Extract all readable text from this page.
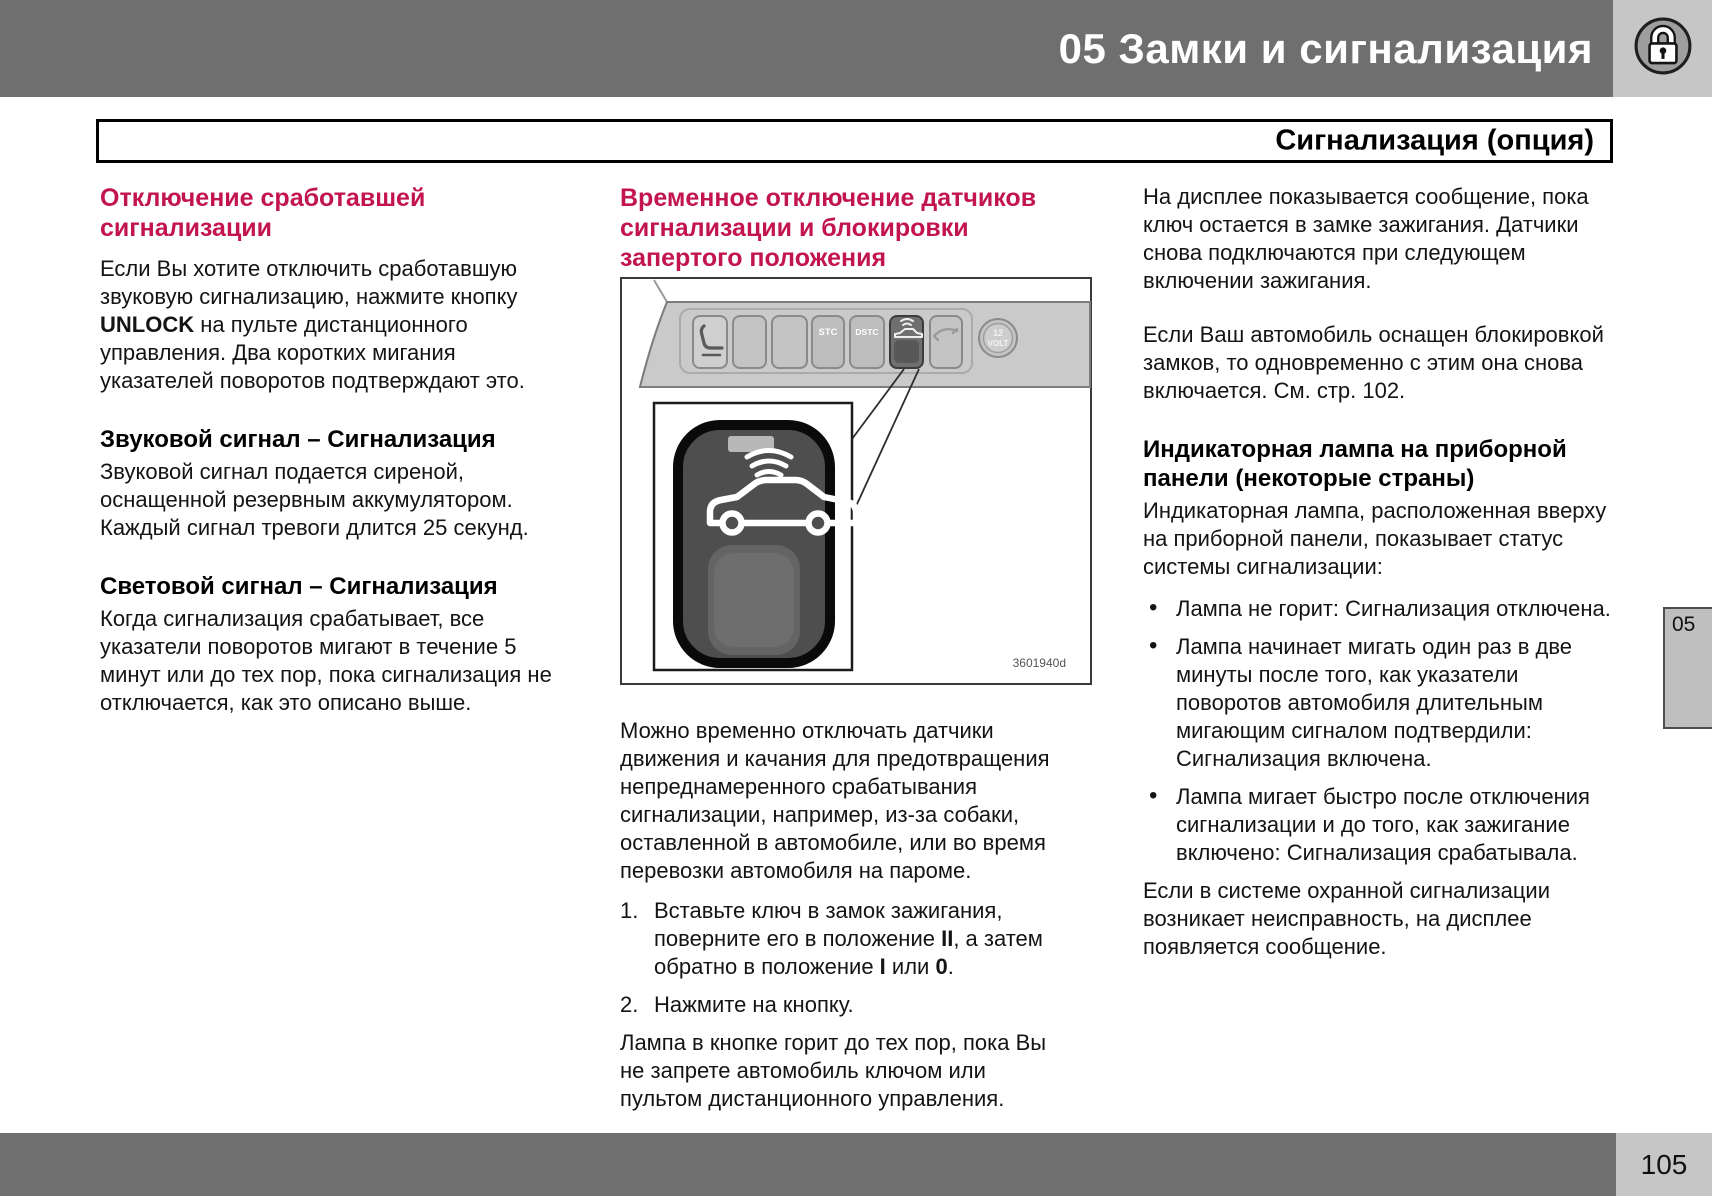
05 Замки и сигнализация
Сигнализация (опция)
Отключение сработавшей сигнализации

Если Вы хотите отключить сработавшую звуковую сигнализацию, нажмите кнопку UNLOCK на пульте дистанционного управления. Два коротких мигания указателей поворотов подтверждают это.

Звуковой сигнал – Сигнализация

Звуковой сигнал подается сиреной, оснащенной резервным аккумулятором. Каждый сигнал тревоги длится 25 секунд.

Световой сигнал – Сигнализация

Когда сигнализация срабатывает, все указатели поворотов мигают в течение 5 минут или до тех пор, пока сигнализация не отключается, как это описано выше.

Временное отключение датчиков сигнализации и блокировки запертого положения
STC DSTC	12
VOLT
3601940d

Можно временно отключать датчики движения и качания для предотвращения непреднамеренного срабатывания сигнализации, например, из-за собаки, оставленной в автомобиле, или во время перевозки автомобиля на пароме.

1. Вставьте ключ в замок зажигания, поверните его в положение II, а затем обратно в положение I или 0.
2. Нажмите на кнопку.

Лампа в кнопке горит до тех пор, пока Вы не запрете автомобиль ключом или пультом дистанционного управления.

На дисплее показывается сообщение, пока ключ остается в замке зажигания. Датчики снова подключаются при следующем включении зажигания.

Если Ваш автомобиль оснащен блокировкой замков, то одновременно с этим она снова включается. См. стр. 102.

Индикаторная лампа на приборной панели (некоторые страны)

Индикаторная лампа, расположенная вверху на приборной панели, показывает статус системы сигнализации:

• Лампа не горит: Сигнализация отключена.
• Лампа начинает мигать один раз в две минуты после того, как указатели поворотов автомобиля длительным мигающим сигналом подтвердили: Сигнализация включена.
• Лампа мигает быстро после отключения сигнализации и до того, как зажигание включено: Сигнализация срабатывала.

Если в системе охранной сигнализации возникает неисправность, на дисплее появляется сообщение.

05
105
